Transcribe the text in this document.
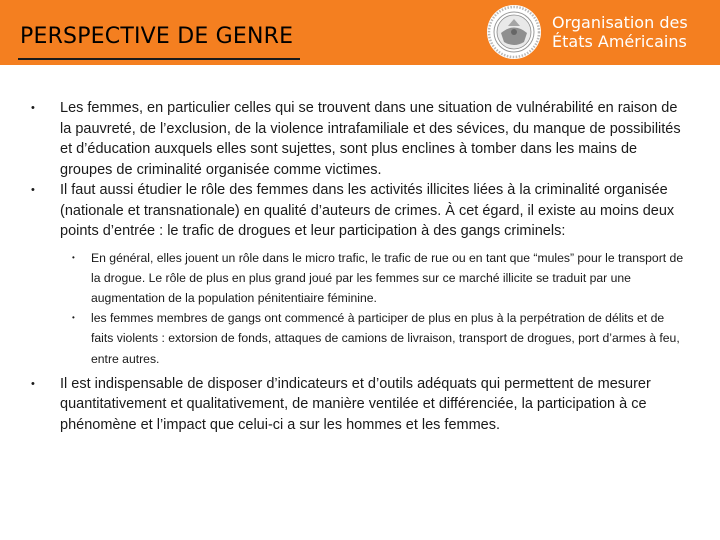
PERSPECTIVE DE GENRE
Organisation des
États Américains
• Les femmes, en particulier celles qui se trouvent dans une situation de vulnérabilité en raison de la pauvreté, de l’exclusion, de la violence intrafamiliale et des sévices, du manque de possibilités et d’éducation auxquels elles sont sujettes, sont plus enclines à tomber dans les mains de groupes de criminalité organisée comme victimes.
• Il faut aussi étudier le rôle des femmes dans les activités illicites liées à la criminalité organisée (nationale et transnationale) en qualité d’auteurs de crimes. À cet égard, il existe au moins deux points d’entrée : le trafic de drogues et leur participation à des gangs criminels:
• En général, elles jouent un rôle dans le micro trafic, le trafic de rue ou en tant que “mules” pour le transport de la drogue. Le rôle de plus en plus grand joué par les femmes sur ce marché illicite se traduit par une augmentation de la population pénitentiaire féminine.
• les femmes membres de gangs ont commencé à participer de plus en plus à la perpétration de délits et de faits violents : extorsion de fonds, attaques de camions de livraison, transport de drogues, port d’armes à feu, entre autres.
• Il est indispensable de disposer d’indicateurs et d’outils adéquats qui permettent de mesurer quantitativement et qualitativement, de manière ventilée et différenciée, la participation à ce phénomène et l’impact que celui-ci a sur les hommes et les femmes.
